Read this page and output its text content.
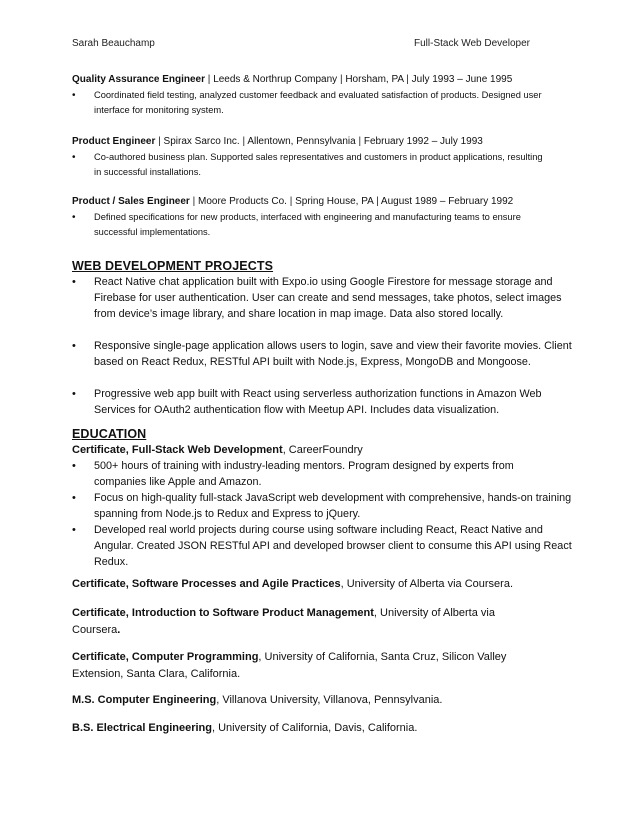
Sarah Beauchamp	Full-Stack Web Developer
Quality Assurance Engineer | Leeds & Northrup Company | Horsham, PA | July 1993 – June 1995
• Coordinated field testing, analyzed customer feedback and evaluated satisfaction of products. Designed user
interface for monitoring system.
Product Engineer | Spirax Sarco Inc. | Allentown, Pennsylvania | February 1992 – July 1993
• Co-authored business plan. Supported sales representatives and customers in product applications, resulting
in successful installations.
Product / Sales Engineer | Moore Products Co. | Spring House, PA | August 1989 – February 1992
• Defined specifications for new products, interfaced with engineering and manufacturing teams to ensure
successful implementations.
WEB DEVELOPMENT PROJECTS
• React Native chat application built with Expo.io using Google Firestore for message storage and
Firebase for user authentication. User can create and send messages, take photos, select images
from device’s image library, and share location in map image. Data also stored locally.
• Responsive single-page application allows users to login, save and view their favorite movies. Client
based on React Redux, RESTful API built with Node.js, Express, MongoDB and Mongoose.
• Progressive web app built with React using serverless authorization functions in Amazon Web
Services for OAuth2 authentication flow with Meetup API. Includes data visualization.
EDUCATION
Certificate, Full-Stack Web Development, CareerFoundry
• 500+ hours of training with industry-leading mentors. Program designed by experts from
companies like Apple and Amazon.
• Focus on high-quality full-stack JavaScript web development with comprehensive, hands-on training
spanning from Node.js to Redux and Express to jQuery.
• Developed real world projects during course using software including React, React Native and
Angular. Created JSON RESTful API and developed browser client to consume this API using React
Redux.
Certificate, Software Processes and Agile Practices, University of Alberta via Coursera.
Certificate, Introduction to Software Product Management, University of Alberta via
Coursera.
Certificate, Computer Programming, University of California, Santa Cruz, Silicon Valley
Extension, Santa Clara, California.
M.S. Computer Engineering, Villanova University, Villanova, Pennsylvania.
B.S. Electrical Engineering, University of California, Davis, California.
